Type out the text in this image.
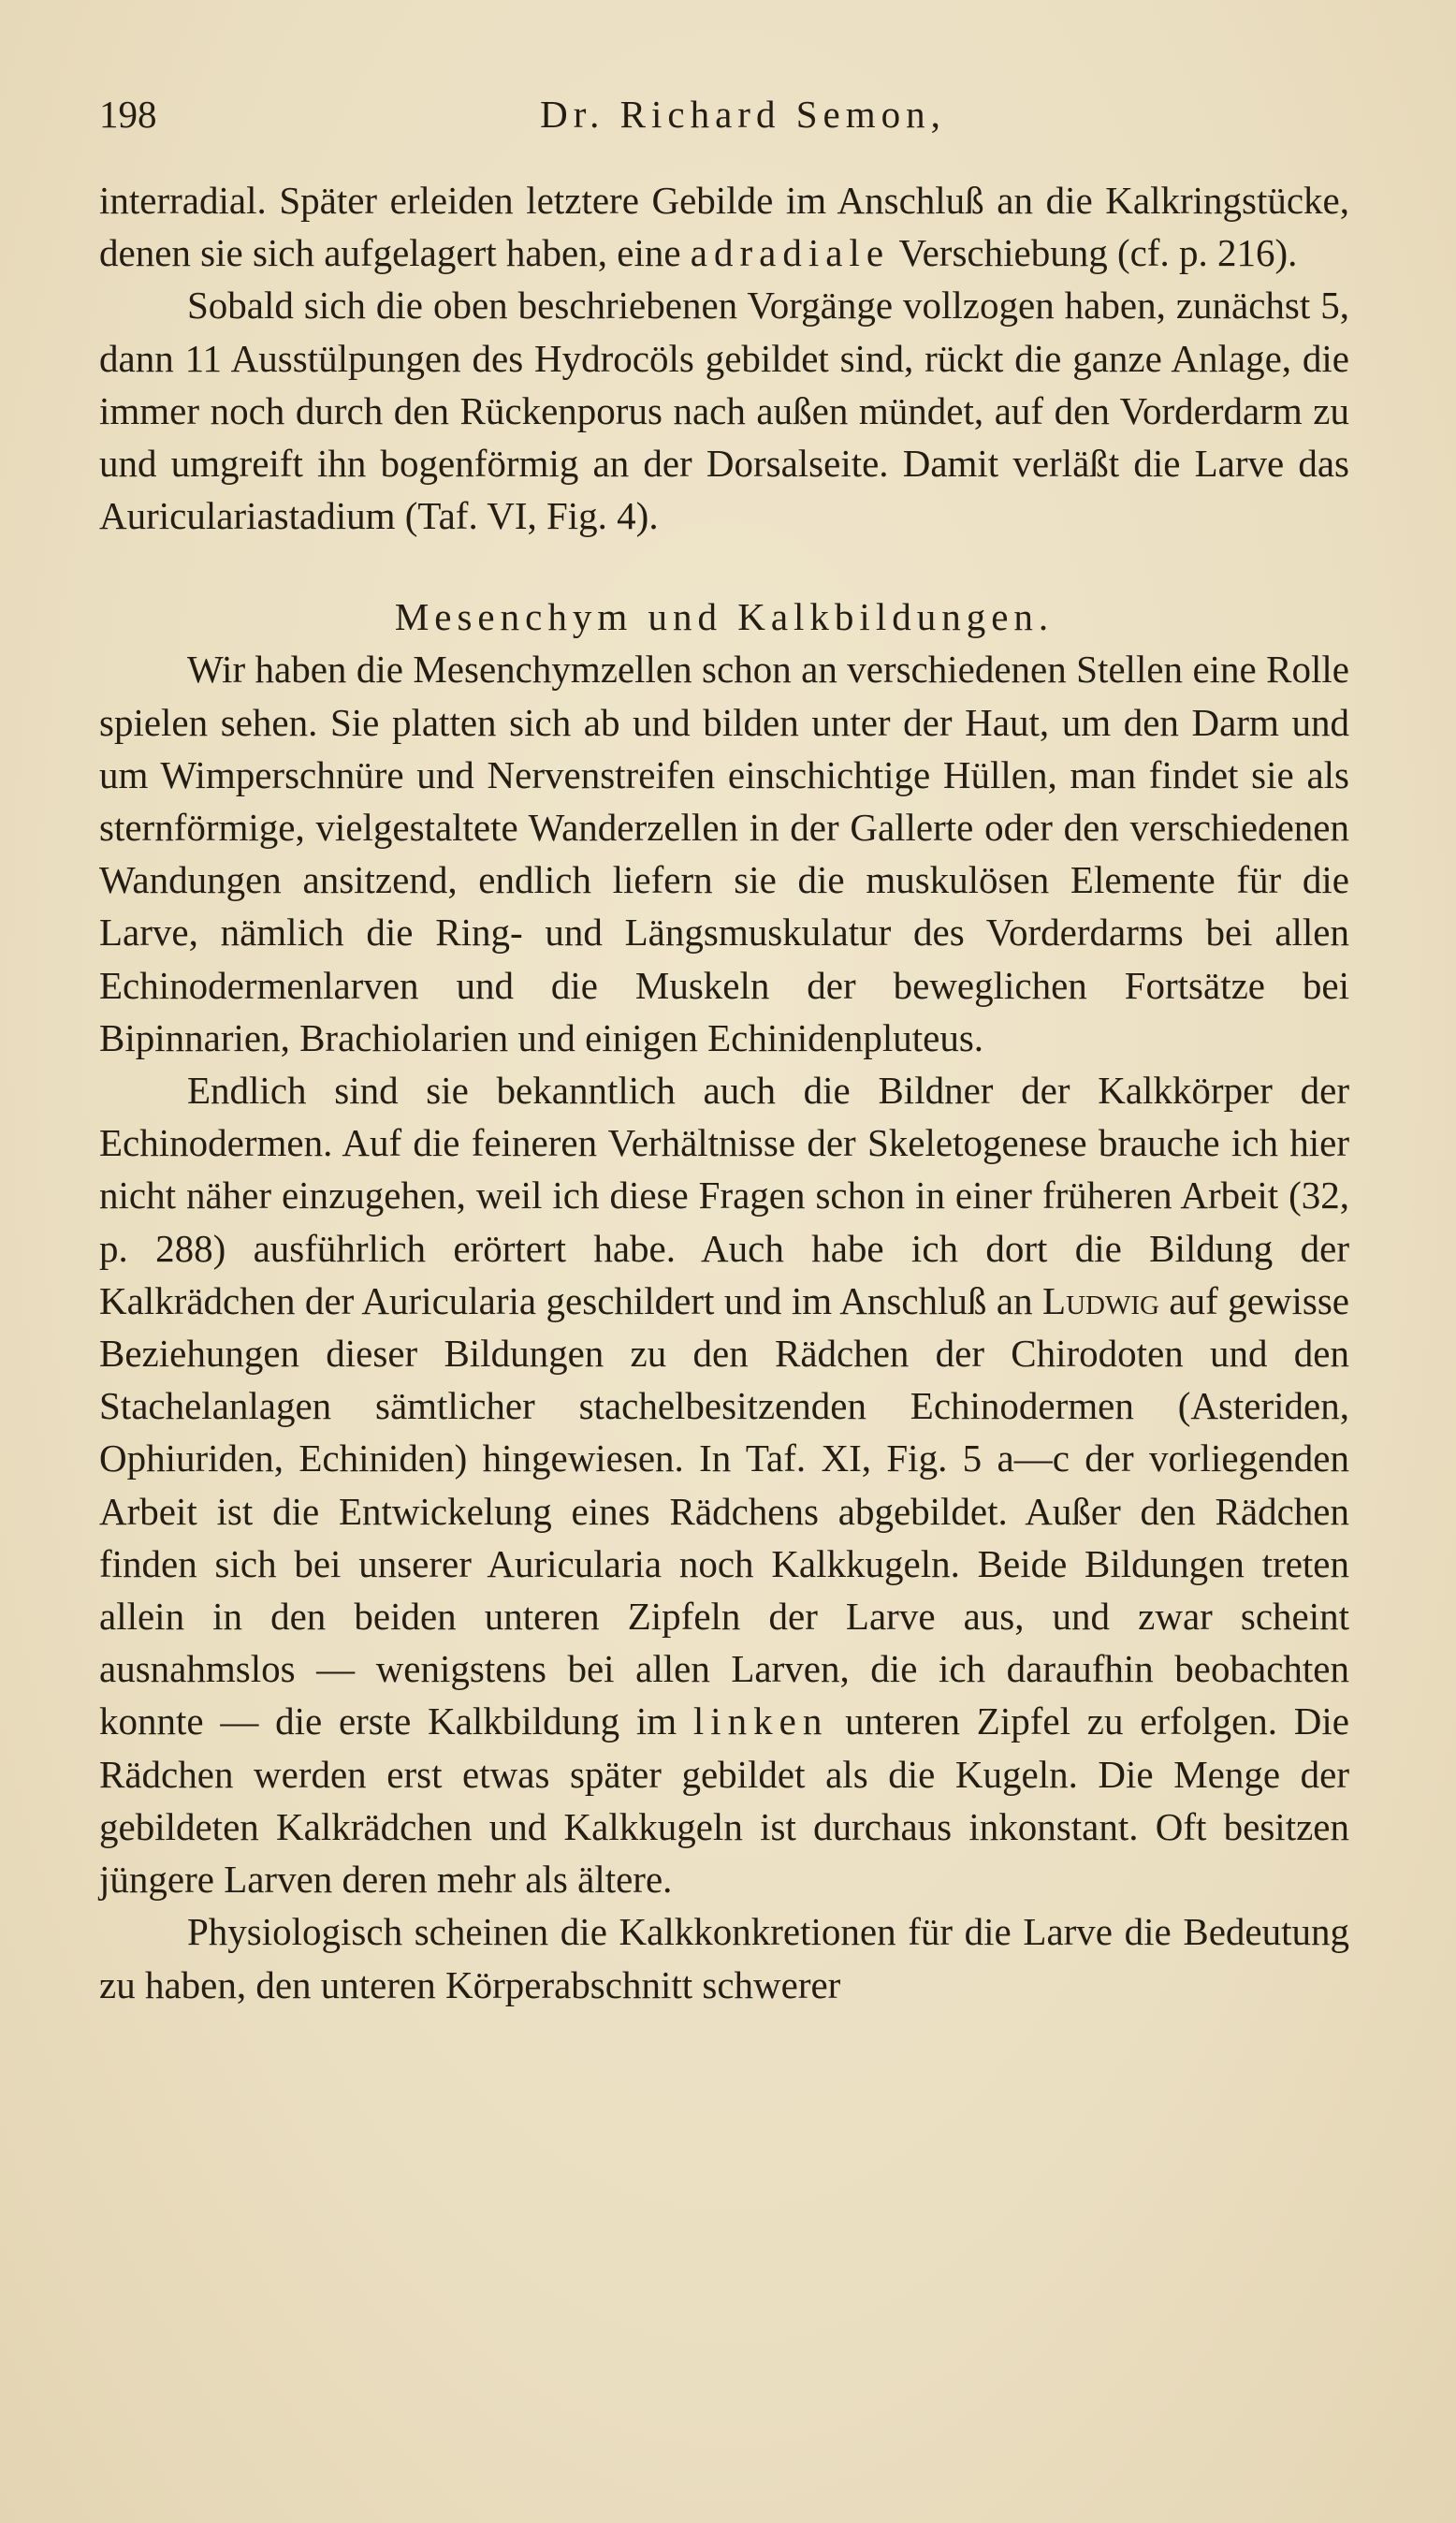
198	Dr. Richard Semon,

interradial. Später erleiden letztere Gebilde im Anschluß an die Kalkringstücke, denen sie sich aufgelagert haben, eine adradiale Verschiebung (cf. p. 216).

Sobald sich die oben beschriebenen Vorgänge vollzogen haben, zunächst 5, dann 11 Ausstülpungen des Hydrocöls gebildet sind, rückt die ganze Anlage, die immer noch durch den Rückenporus nach außen mündet, auf den Vorderdarm zu und umgreift ihn bogenförmig an der Dorsalseite. Damit verläßt die Larve das Auriculariastadium (Taf. VI, Fig. 4).

Mesenchym und Kalkbildungen.

Wir haben die Mesenchymzellen schon an verschiedenen Stellen eine Rolle spielen sehen. Sie platten sich ab und bilden unter der Haut, um den Darm und um Wimperschnüre und Nervenstreifen einschichtige Hüllen, man findet sie als sternförmige, vielgestaltete Wanderzellen in der Gallerte oder den verschiedenen Wandungen ansitzend, endlich liefern sie die muskulösen Elemente für die Larve, nämlich die Ring- und Längsmuskulatur des Vorderdarms bei allen Echinodermenlarven und die Muskeln der beweglichen Fortsätze bei Bipinnarien, Brachiolarien und einigen Echinidenpluteus.

Endlich sind sie bekanntlich auch die Bildner der Kalkkörper der Echinodermen. Auf die feineren Verhältnisse der Skeletogenese brauche ich hier nicht näher einzugehen, weil ich diese Fragen schon in einer früheren Arbeit (32, p. 288) ausführlich erörtert habe. Auch habe ich dort die Bildung der Kalkrädchen der Auricularia geschildert und im Anschluß an Ludwig auf gewisse Beziehungen dieser Bildungen zu den Rädchen der Chirodoten und den Stachelanlagen sämtlicher stachelbesitzenden Echinodermen (Asteriden, Ophiuriden, Echiniden) hingewiesen. In Taf. XI, Fig. 5 a—c der vorliegenden Arbeit ist die Entwickelung eines Rädchens abgebildet. Außer den Rädchen finden sich bei unserer Auricularia noch Kalkkugeln. Beide Bildungen treten allein in den beiden unteren Zipfeln der Larve aus, und zwar scheint ausnahmslos — wenigstens bei allen Larven, die ich daraufhin beobachten konnte — die erste Kalkbildung im linken unteren Zipfel zu erfolgen. Die Rädchen werden erst etwas später gebildet als die Kugeln. Die Menge der gebildeten Kalkrädchen und Kalkkugeln ist durchaus inkonstant. Oft besitzen jüngere Larven deren mehr als ältere.

Physiologisch scheinen die Kalkkonkretionen für die Larve die Bedeutung zu haben, den unteren Körperabschnitt schwerer
